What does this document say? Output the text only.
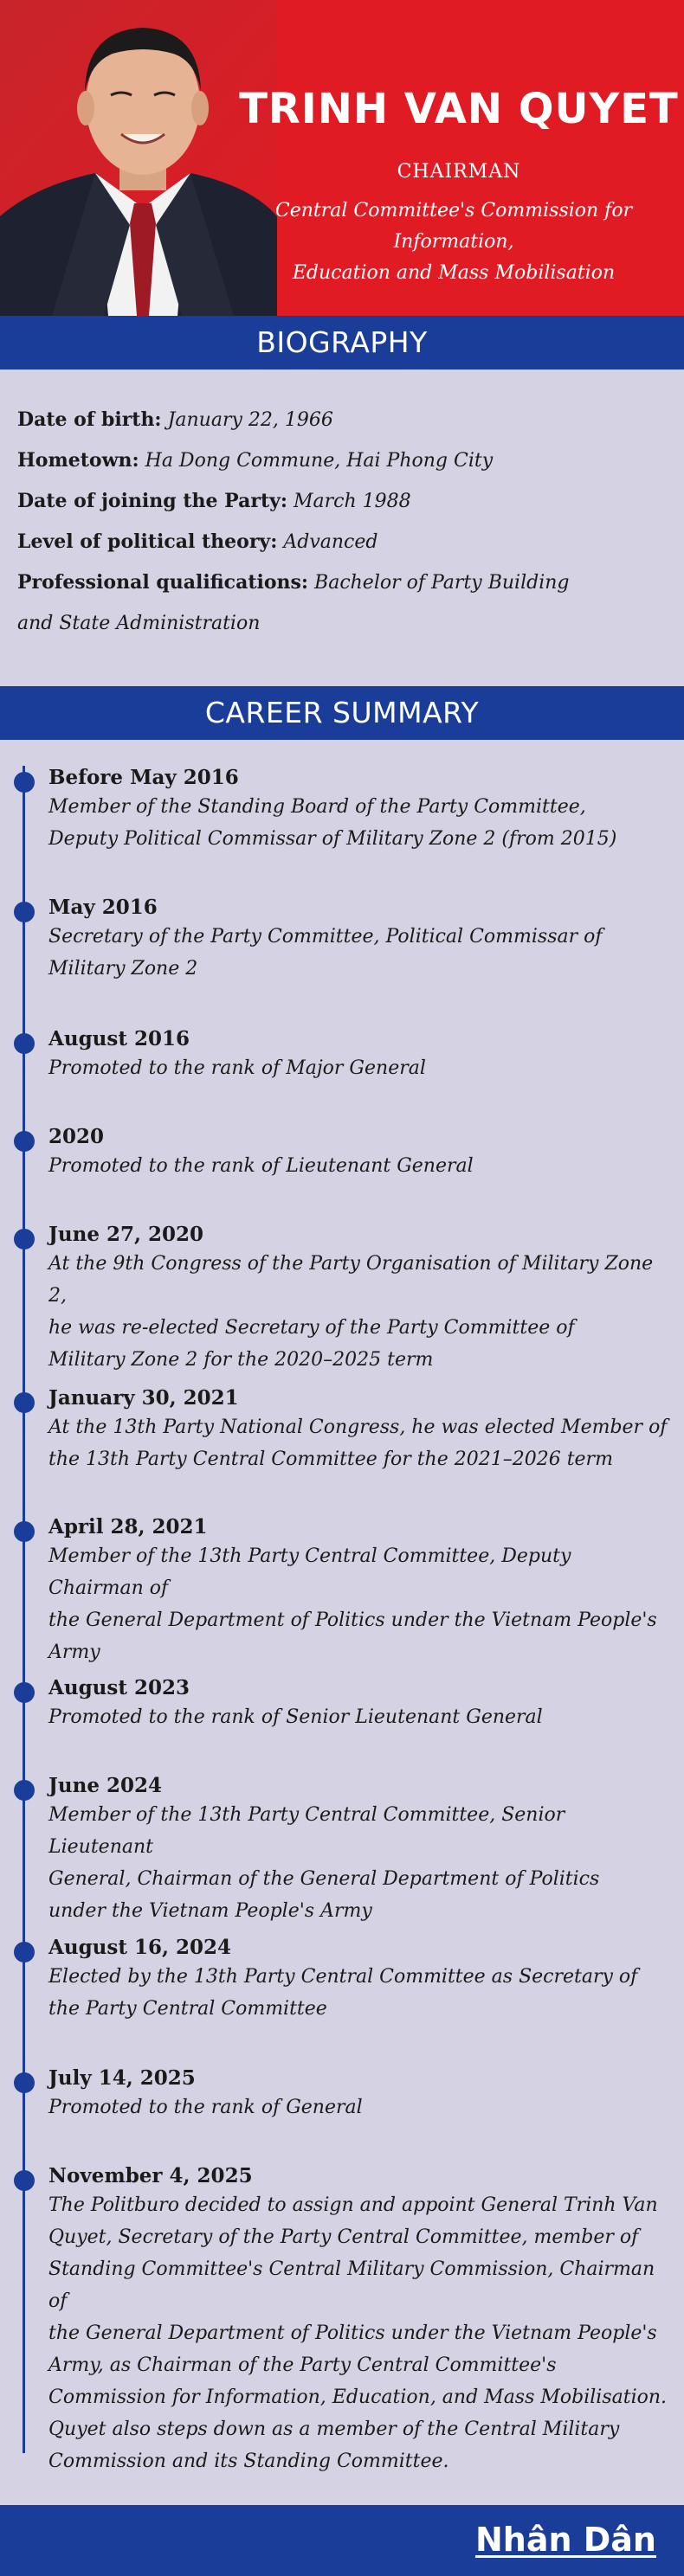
TRINH VAN QUYET
CHAIRMAN
Central Committee's Commission for Information,
Education and Mass Mobilisation
BIOGRAPHY
Date of birth: January 22, 1966
Hometown: Ha Dong Commune, Hai Phong City
Date of joining the Party: March 1988
Level of political theory: Advanced
Professional qualifications: Bachelor of Party Building
and State Administration
CAREER SUMMARY
Before May 2016
Member of the Standing Board of the Party Committee,
Deputy Political Commissar of Military Zone 2 (from 2015)
May 2016
Secretary of the Party Committee, Political Commissar of
Military Zone 2
August 2016
Promoted to the rank of Major General
2020
Promoted to the rank of Lieutenant General
June 27, 2020
At the 9th Congress of the Party Organisation of Military Zone 2,
he was re-elected Secretary of the Party Committee of
Military Zone 2 for the 2020–2025 term
January 30, 2021
At the 13th Party National Congress, he was elected Member of
the 13th Party Central Committee for the 2021–2026 term
April 28, 2021
Member of the 13th Party Central Committee, Deputy Chairman of
the General Department of Politics under the Vietnam People's
Army
August 2023
Promoted to the rank of Senior Lieutenant General
June 2024
Member of the 13th Party Central Committee, Senior Lieutenant
General, Chairman of the General Department of Politics
under the Vietnam People's Army
August 16, 2024
Elected by the 13th Party Central Committee as Secretary of
the Party Central Committee
July 14, 2025
Promoted to the rank of General
November 4, 2025
The Politburo decided to assign and appoint General Trinh Van
Quyet, Secretary of the Party Central Committee, member of
Standing Committee's Central Military Commission, Chairman of
the General Department of Politics under the Vietnam People's
Army, as Chairman of the Party Central Committee's
Commission for Information, Education, and Mass Mobilisation.
Quyet also steps down as a member of the Central Military
Commission and its Standing Committee.
Nhân Dân
